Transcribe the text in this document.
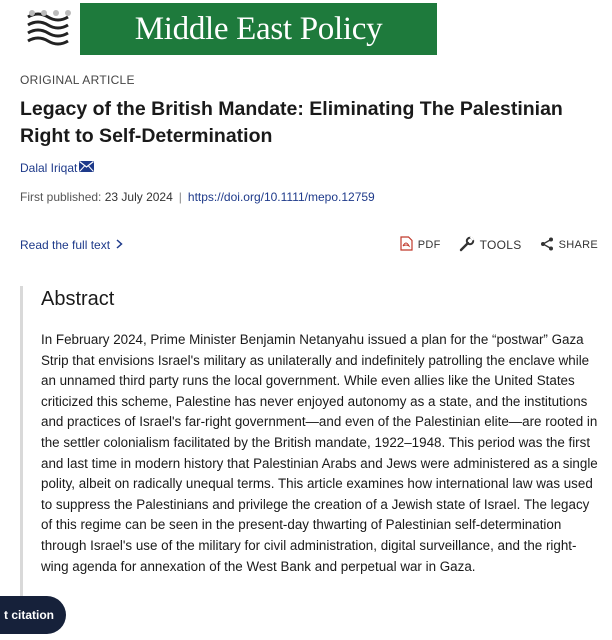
Middle East Policy
ORIGINAL ARTICLE
Legacy of the British Mandate: Eliminating The Palestinian Right to Self-Determination
Dalal Iriqat
First published: 23 July 2024 | https://doi.org/10.1111/mepo.12759
Read the full text	PDF	TOOLS	SHARE
Abstract

In February 2024, Prime Minister Benjamin Netanyahu issued a plan for the “postwar” Gaza Strip that envisions Israel's military as unilaterally and indefinitely patrolling the enclave while an unnamed third party runs the local government. While even allies like the United States criticized this scheme, Palestine has never enjoyed autonomy as a state, and the institutions and practices of Israel's far-right government—and even of the Palestinian elite—are rooted in the settler colonialism facilitated by the British mandate, 1922–1948. This period was the first and last time in modern history that Palestinian Arabs and Jews were administered as a single polity, albeit on radically unequal terms. This article examines how international law was used to suppress the Palestinians and privilege the creation of a Jewish state of Israel. The legacy of this regime can be seen in the present-day thwarting of Palestinian self-determination through Israel's use of the military for civil administration, digital surveillance, and the right-wing agenda for annexation of the West Bank and perpetual war in Gaza.

t citation
